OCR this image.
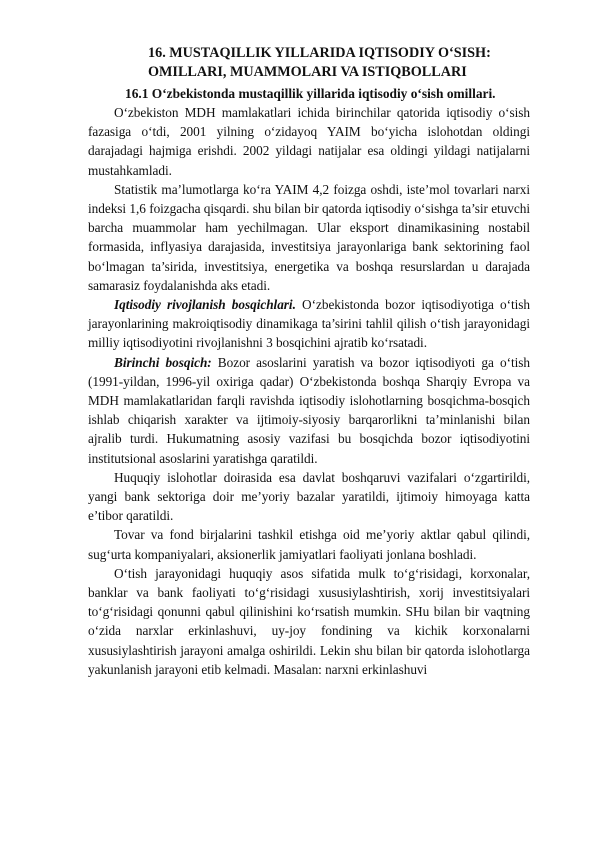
16. MUSTAQILLIK YILLARIDA IQTISODIY O‘SISH:
OMILLARI, MUAMMOLARI VA ISTIQBOLLARI
16.1 O‘zbekistonda mustaqillik yillarida iqtisodiy o‘sish omillari.

O‘zbekiston MDH mamlakatlari ichida birinchilar qatorida iqtisodiy o‘sish fazasiga o‘tdi, 2001 yilning o‘zidayoq YAIM bo‘yicha islohotdan oldingi darajadagi hajmiga erishdi. 2002 yildagi natijalar esa oldingi yildagi natijalarni mustahkamladi.

Statistik ma’lumotlarga ko‘ra YAIM 4,2 foizga oshdi, iste’mol tovarlari narxi indeksi 1,6 foizgacha qisqardi. shu bilan bir qatorda iqtisodiy o‘sishga ta’sir etuvchi barcha muammolar ham yechilmagan. Ular eksport dinamikasining nostabil formasida, inflyasiya darajasida, investitsiya jarayonlariga bank sektorining faol bo‘lmagan ta’sirida, investitsiya, energetika va boshqa resurslardan u darajada samarasiz foydalanishda aks etadi.

Iqtisodiy rivojlanish bosqichlari. O‘zbekistonda bozor iqtisodiyotiga o‘tish jarayonlarining makroiqtisodiy dinamikaga ta’sirini tahlil qilish o‘tish jarayonidagi milliy iqtisodiyotini rivojlanishni 3 bosqichini ajratib ko‘rsatadi.

Birinchi bosqich: Bozor asoslarini yaratish va bozor iqtisodiyoti ga o‘tish (1991-yildan, 1996-yil oxiriga qadar) O‘zbekistonda boshqa Sharqiy Evropa va MDH mamlakatlaridan farqli ravishda iqtisodiy islohotlarning bosqichma-bosqich ishlab chiqarish xarakter va ijtimoiy-siyosiy barqarorlikni ta’minlanishi bilan ajralib turdi. Hukumatning asosiy vazifasi bu bosqichda bozor iqtisodiyotini institutsional asoslarini yaratishga qaratildi.

Huquqiy islohotlar doirasida esa davlat boshqaruvi vazifalari o‘zgartirildi, yangi bank sektoriga doir me’yoriy bazalar yaratildi, ijtimoiy himoyaga katta e’tibor qaratildi.

Tovar va fond birjalarini tashkil etishga oid me’yoriy aktlar qabul qilindi, sug‘urta kompaniyalari, aksionerlik jamiyatlari faoliyati jonlana boshladi.

O‘tish jarayonidagi huquqiy asos sifatida mulk to‘g‘risidagi, korxonalar, banklar va bank faoliyati to‘g‘risidagi xususiylashtirish, xorij investitsiyalari to‘g‘risidagi qonunni qabul qilinishini ko‘rsatish mumkin. SHu bilan bir vaqtning o‘zida narxlar erkinlashuvi, uy-joy fondining va kichik korxonalarni xususiylashtirish jarayoni amalga oshirildi. Lekin shu bilan bir qatorda islohotlarga yakunlanish jarayoni etib kelmadi. Masalan: narxni erkinlashuvi
